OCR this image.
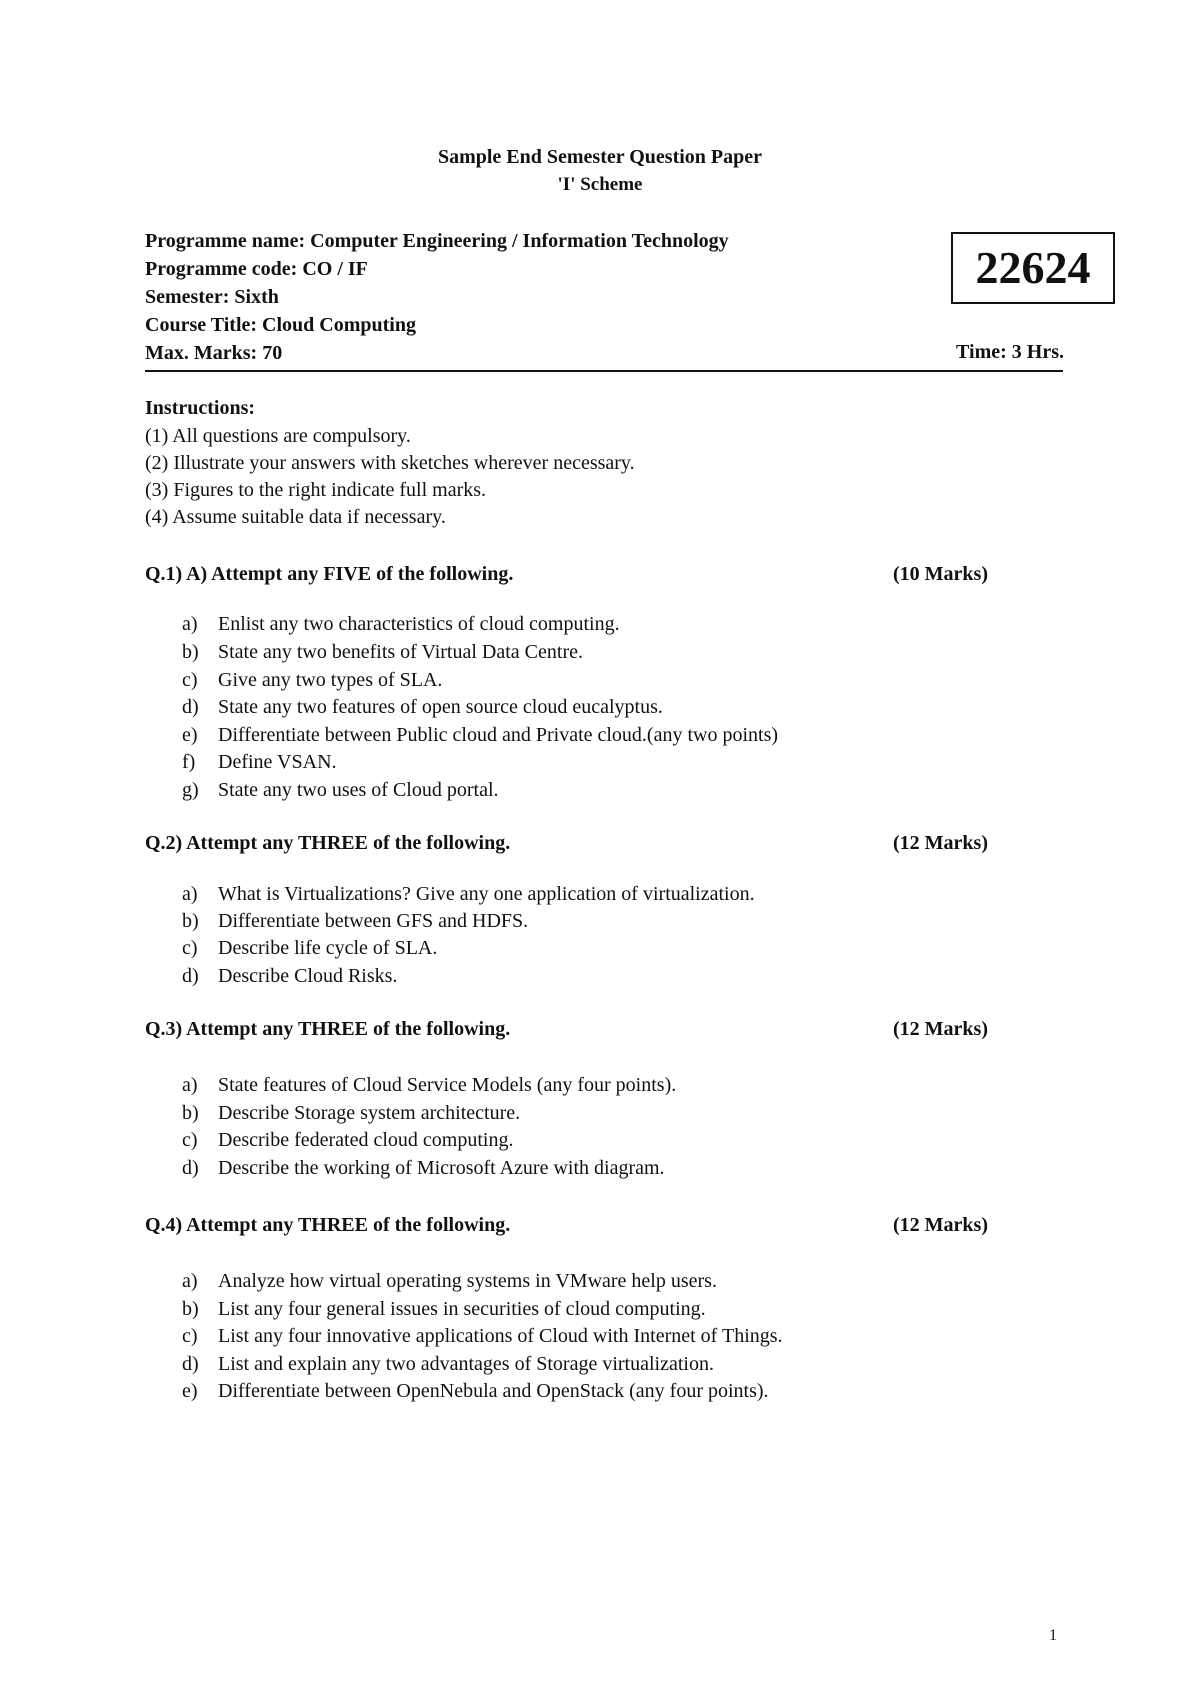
Sample End Semester Question Paper
'I' Scheme
Programme name: Computer Engineering / Information Technology
Programme code: CO / IF
Semester: Sixth
Course Title: Cloud Computing
Max. Marks: 70
22624
Time: 3 Hrs.
Instructions:
(1) All questions are compulsory.
(2) Illustrate your answers with sketches wherever necessary.
(3) Figures to the right indicate full marks.
(4) Assume suitable data if necessary.
Q.1) A) Attempt any FIVE of the following.	(10 Marks)
a)	Enlist any two characteristics of cloud computing.
b) State any two benefits of Virtual Data Centre.
c)	Give any two types of SLA.
d) State any two features of open source cloud eucalyptus.
e)	Differentiate between Public cloud and Private cloud.(any two points)
f)	Define VSAN.
g) State any two uses of Cloud portal.
Q.2) Attempt any THREE of the following.	(12 Marks)
a)	What is Virtualizations? Give any one application of virtualization.
b) Differentiate between GFS and HDFS.
c)	Describe life cycle of SLA.
d) Describe Cloud Risks.
Q.3) Attempt any THREE of the following.	(12 Marks)
a)	State features of Cloud Service Models (any four points).
b) Describe Storage system architecture.
c)	Describe federated cloud computing.
d) Describe the working of Microsoft Azure with diagram.
Q.4) Attempt any THREE of the following.	(12 Marks)
a)	Analyze how virtual operating systems in VMware help users.
b) List any four general issues in securities of cloud computing.
c)	List any four innovative applications of Cloud with Internet of Things.
d) List and explain any two advantages of Storage virtualization.
e)	Differentiate between OpenNebula and OpenStack (any four points).
1
